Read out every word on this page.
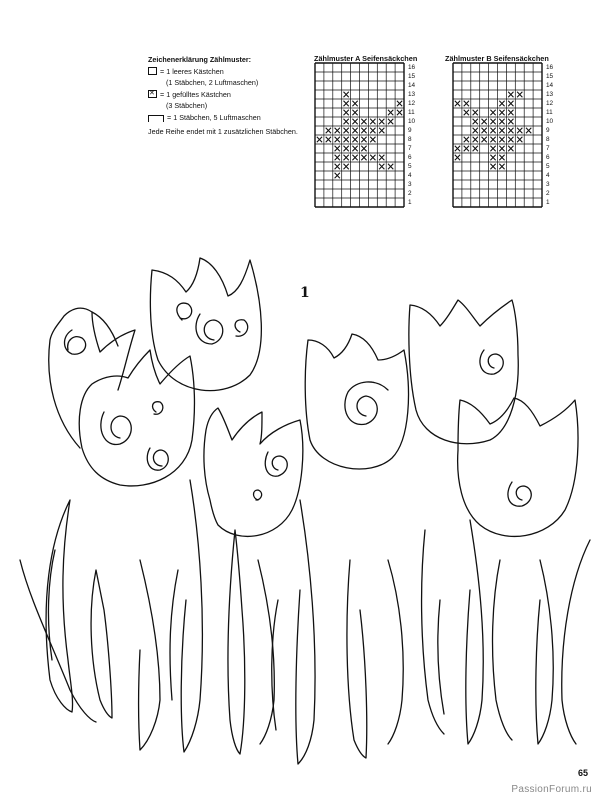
Zeichenerklärung Zählmuster:
= 1 leeres Kästchen
(1 Stäbchen, 2 Luftmaschen)
✕
= 1 gefülltes Kästchen
(3 Stäbchen)
= 1 Stäbchen, 5 Luftmaschen
Jede Reihe endet mit 1 zusätzlichen Stäbchen.
Zählmuster A Seifensäckchen	Zählmuster B Seifensäckchen
16
15
14
13
12
11
10
9
8
7
6
5
4
3
2
1
16
15
14
13
12
11
10
9
8
7
6
5
4
3
2
1
1
65
PassionForum.ru
